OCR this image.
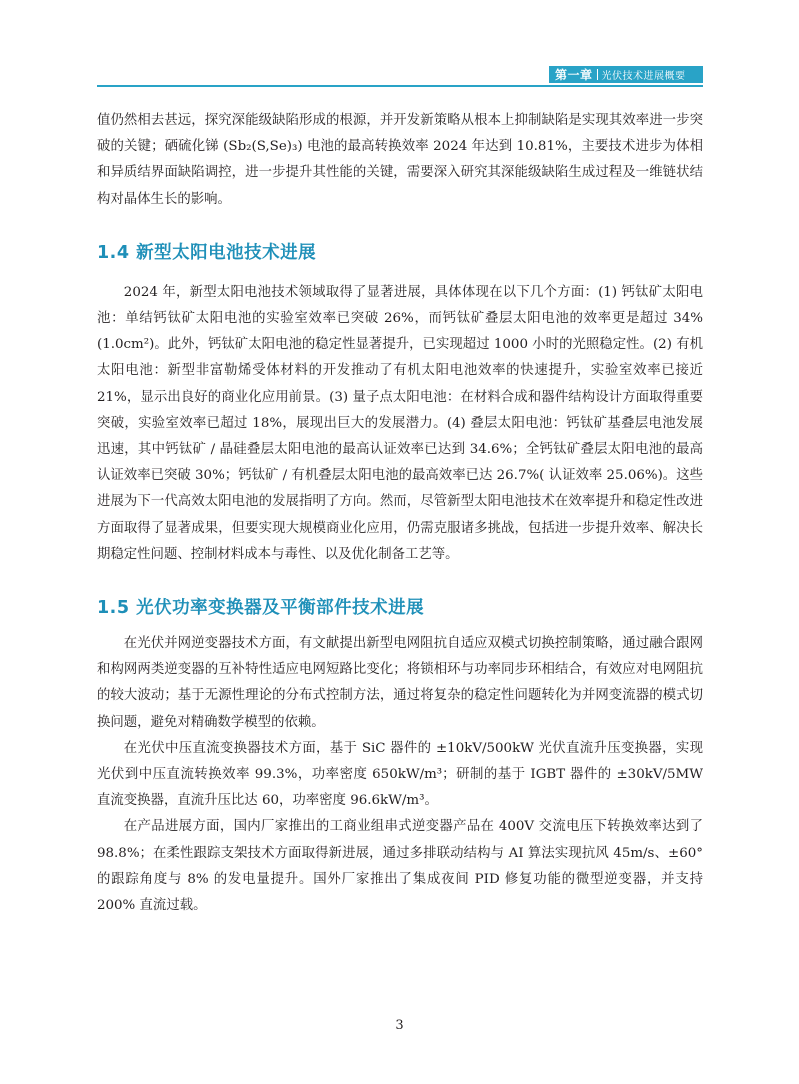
第一章 光伏技术进展概要

值仍然相去甚远，探究深能级缺陷形成的根源，并开发新策略从根本上抑制缺陷是实现其效率进一步突破的关键；硒硫化锑 (Sb₂(S,Se)₃) 电池的最高转换效率 2024 年达到 10.81%，主要技术进步为体相和异质结界面缺陷调控，进一步提升其性能的关键，需要深入研究其深能级缺陷生成过程及一维链状结构对晶体生长的影响。

1.4 新型太阳电池技术进展

2024 年，新型太阳电池技术领域取得了显著进展，具体体现在以下几个方面：(1) 钙钛矿太阳电池：单结钙钛矿太阳电池的实验室效率已突破 26%，而钙钛矿叠层太阳电池的效率更是超过 34%(1.0cm²)。此外，钙钛矿太阳电池的稳定性显著提升，已实现超过 1000 小时的光照稳定性。(2) 有机太阳电池：新型非富勒烯受体材料的开发推动了有机太阳电池效率的快速提升，实验室效率已接近 21%，显示出良好的商业化应用前景。(3) 量子点太阳电池：在材料合成和器件结构设计方面取得重要突破，实验室效率已超过 18%，展现出巨大的发展潜力。(4) 叠层太阳电池：钙钛矿基叠层电池发展迅速，其中钙钛矿 / 晶硅叠层太阳电池的最高认证效率已达到 34.6%；全钙钛矿叠层太阳电池的最高认证效率已突破 30%；钙钛矿 / 有机叠层太阳电池的最高效率已达 26.7%( 认证效率 25.06%)。这些进展为下一代高效太阳电池的发展指明了方向。然而，尽管新型太阳电池技术在效率提升和稳定性改进方面取得了显著成果，但要实现大规模商业化应用，仍需克服诸多挑战，包括进一步提升效率、解决长期稳定性问题、控制材料成本与毒性、以及优化制备工艺等。

1.5 光伏功率变换器及平衡部件技术进展

在光伏并网逆变器技术方面，有文献提出新型电网阻抗自适应双模式切换控制策略，通过融合跟网和构网两类逆变器的互补特性适应电网短路比变化；将锁相环与功率同步环相结合，有效应对电网阻抗的较大波动；基于无源性理论的分布式控制方法，通过将复杂的稳定性问题转化为并网变流器的模式切换问题，避免对精确数学模型的依赖。

在光伏中压直流变换器技术方面，基于 SiC 器件的 ±10kV/500kW 光伏直流升压变换器，实现光伏到中压直流转换效率 99.3%，功率密度 650kW/m³；研制的基于 IGBT 器件的 ±30kV/5MW 直流变换器，直流升压比达 60，功率密度 96.6kW/m³。

在产品进展方面，国内厂家推出的工商业组串式逆变器产品在 400V 交流电压下转换效率达到了 98.8%；在柔性跟踪支架技术方面取得新进展，通过多排联动结构与 AI 算法实现抗风 45m/s、±60° 的跟踪角度与 8% 的发电量提升。国外厂家推出了集成夜间 PID 修复功能的微型逆变器，并支持 200% 直流过载。

3
